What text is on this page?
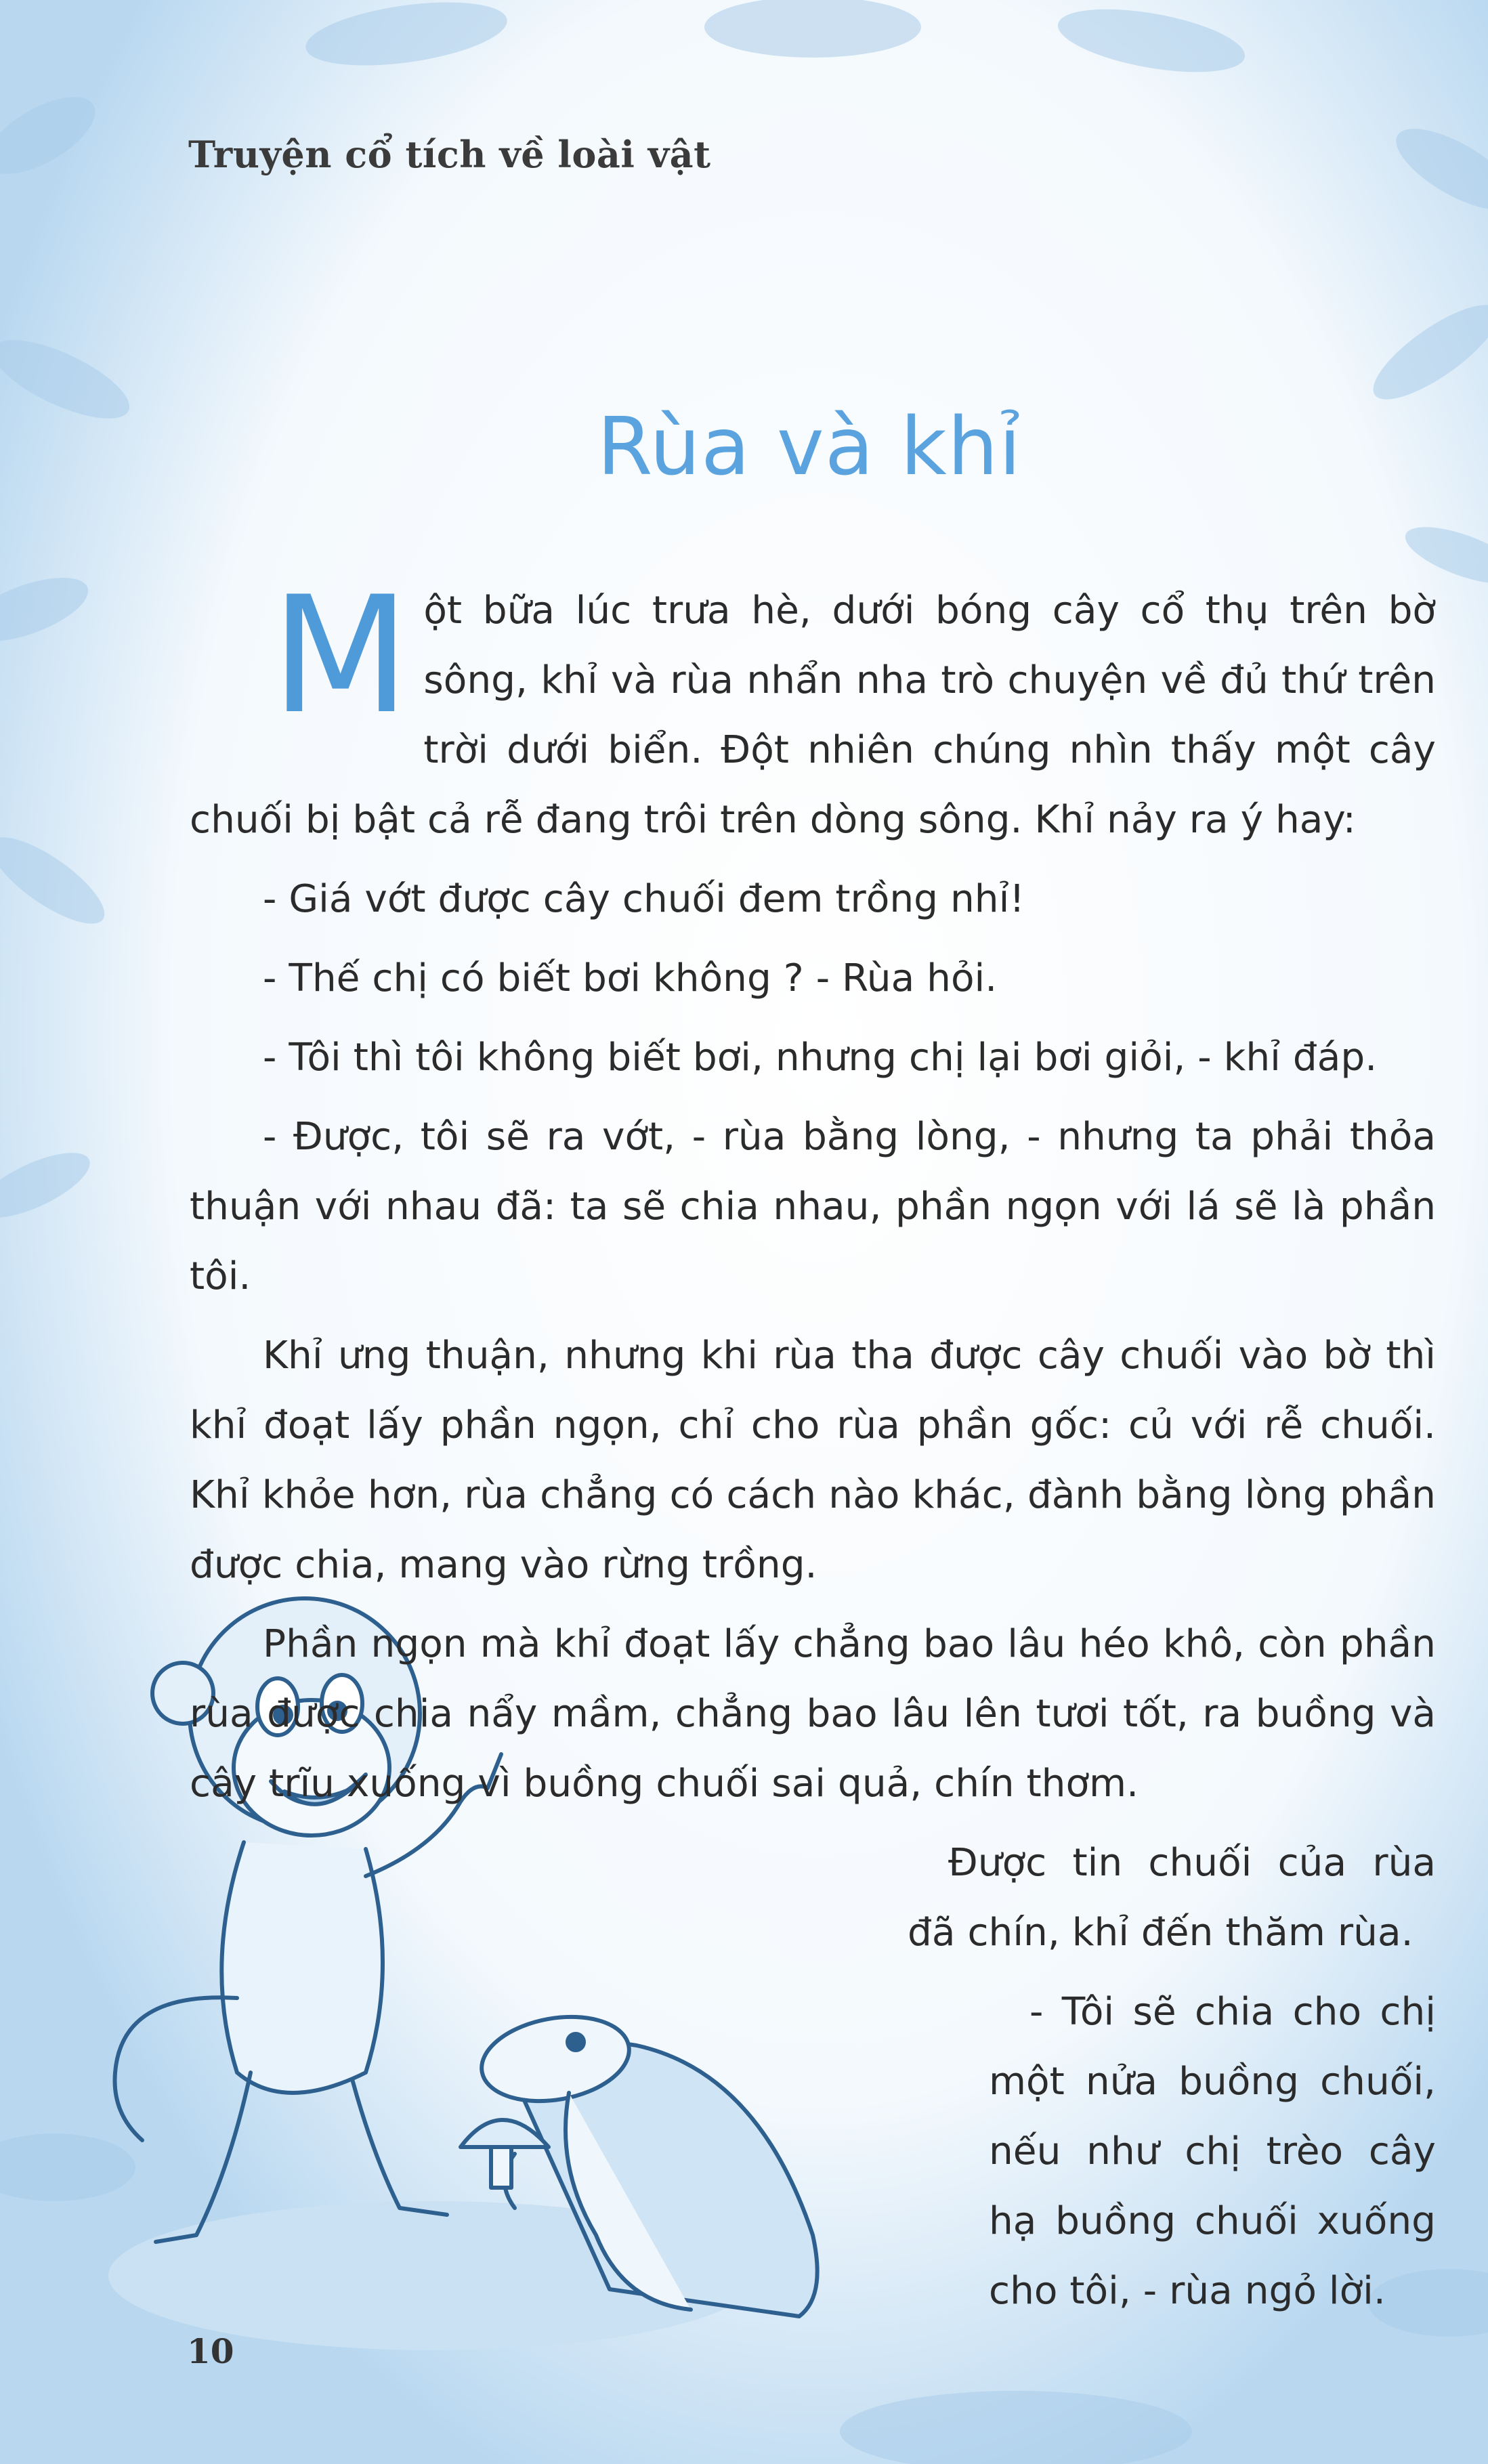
Truyện cổ tích về loài vật
Rùa và khỉ

Một bữa lúc trưa hè, dưới bóng cây cổ thụ trên bờ sông, khỉ và rùa nhẩn nha trò chuyện về đủ thứ trên trời dưới biển. Đột nhiên chúng nhìn thấy một cây chuối bị bật cả rễ đang trôi trên dòng sông. Khỉ nảy ra ý hay:

- Giá vớt được cây chuối đem trồng nhỉ!

- Thế chị có biết bơi không ? - Rùa hỏi.

- Tôi thì tôi không biết bơi, nhưng chị lại bơi giỏi, - khỉ đáp.

- Được, tôi sẽ ra vớt, - rùa bằng lòng, - nhưng ta phải thỏa thuận với nhau đã: ta sẽ chia nhau, phần ngọn với lá sẽ là phần tôi.

Khỉ ưng thuận, nhưng khi rùa tha được cây chuối vào bờ thì khỉ đoạt lấy phần ngọn, chỉ cho rùa phần gốc: củ với rễ chuối. Khỉ khỏe hơn, rùa chẳng có cách nào khác, đành bằng lòng phần được chia, mang vào rừng trồng.

Phần ngọn mà khỉ đoạt lấy chẳng bao lâu héo khô, còn phần rùa được chia nẩy mầm, chẳng bao lâu lên tươi tốt, ra buồng và cây trĩu xuống vì buồng chuối sai quả, chín thơm.

Được tin chuối của rùa đã chín, khỉ đến thăm rùa.

- Tôi sẽ chia cho chị một nửa buồng chuối, nếu như chị trèo cây hạ buồng chuối xuống cho tôi, - rùa ngỏ lời.

10
